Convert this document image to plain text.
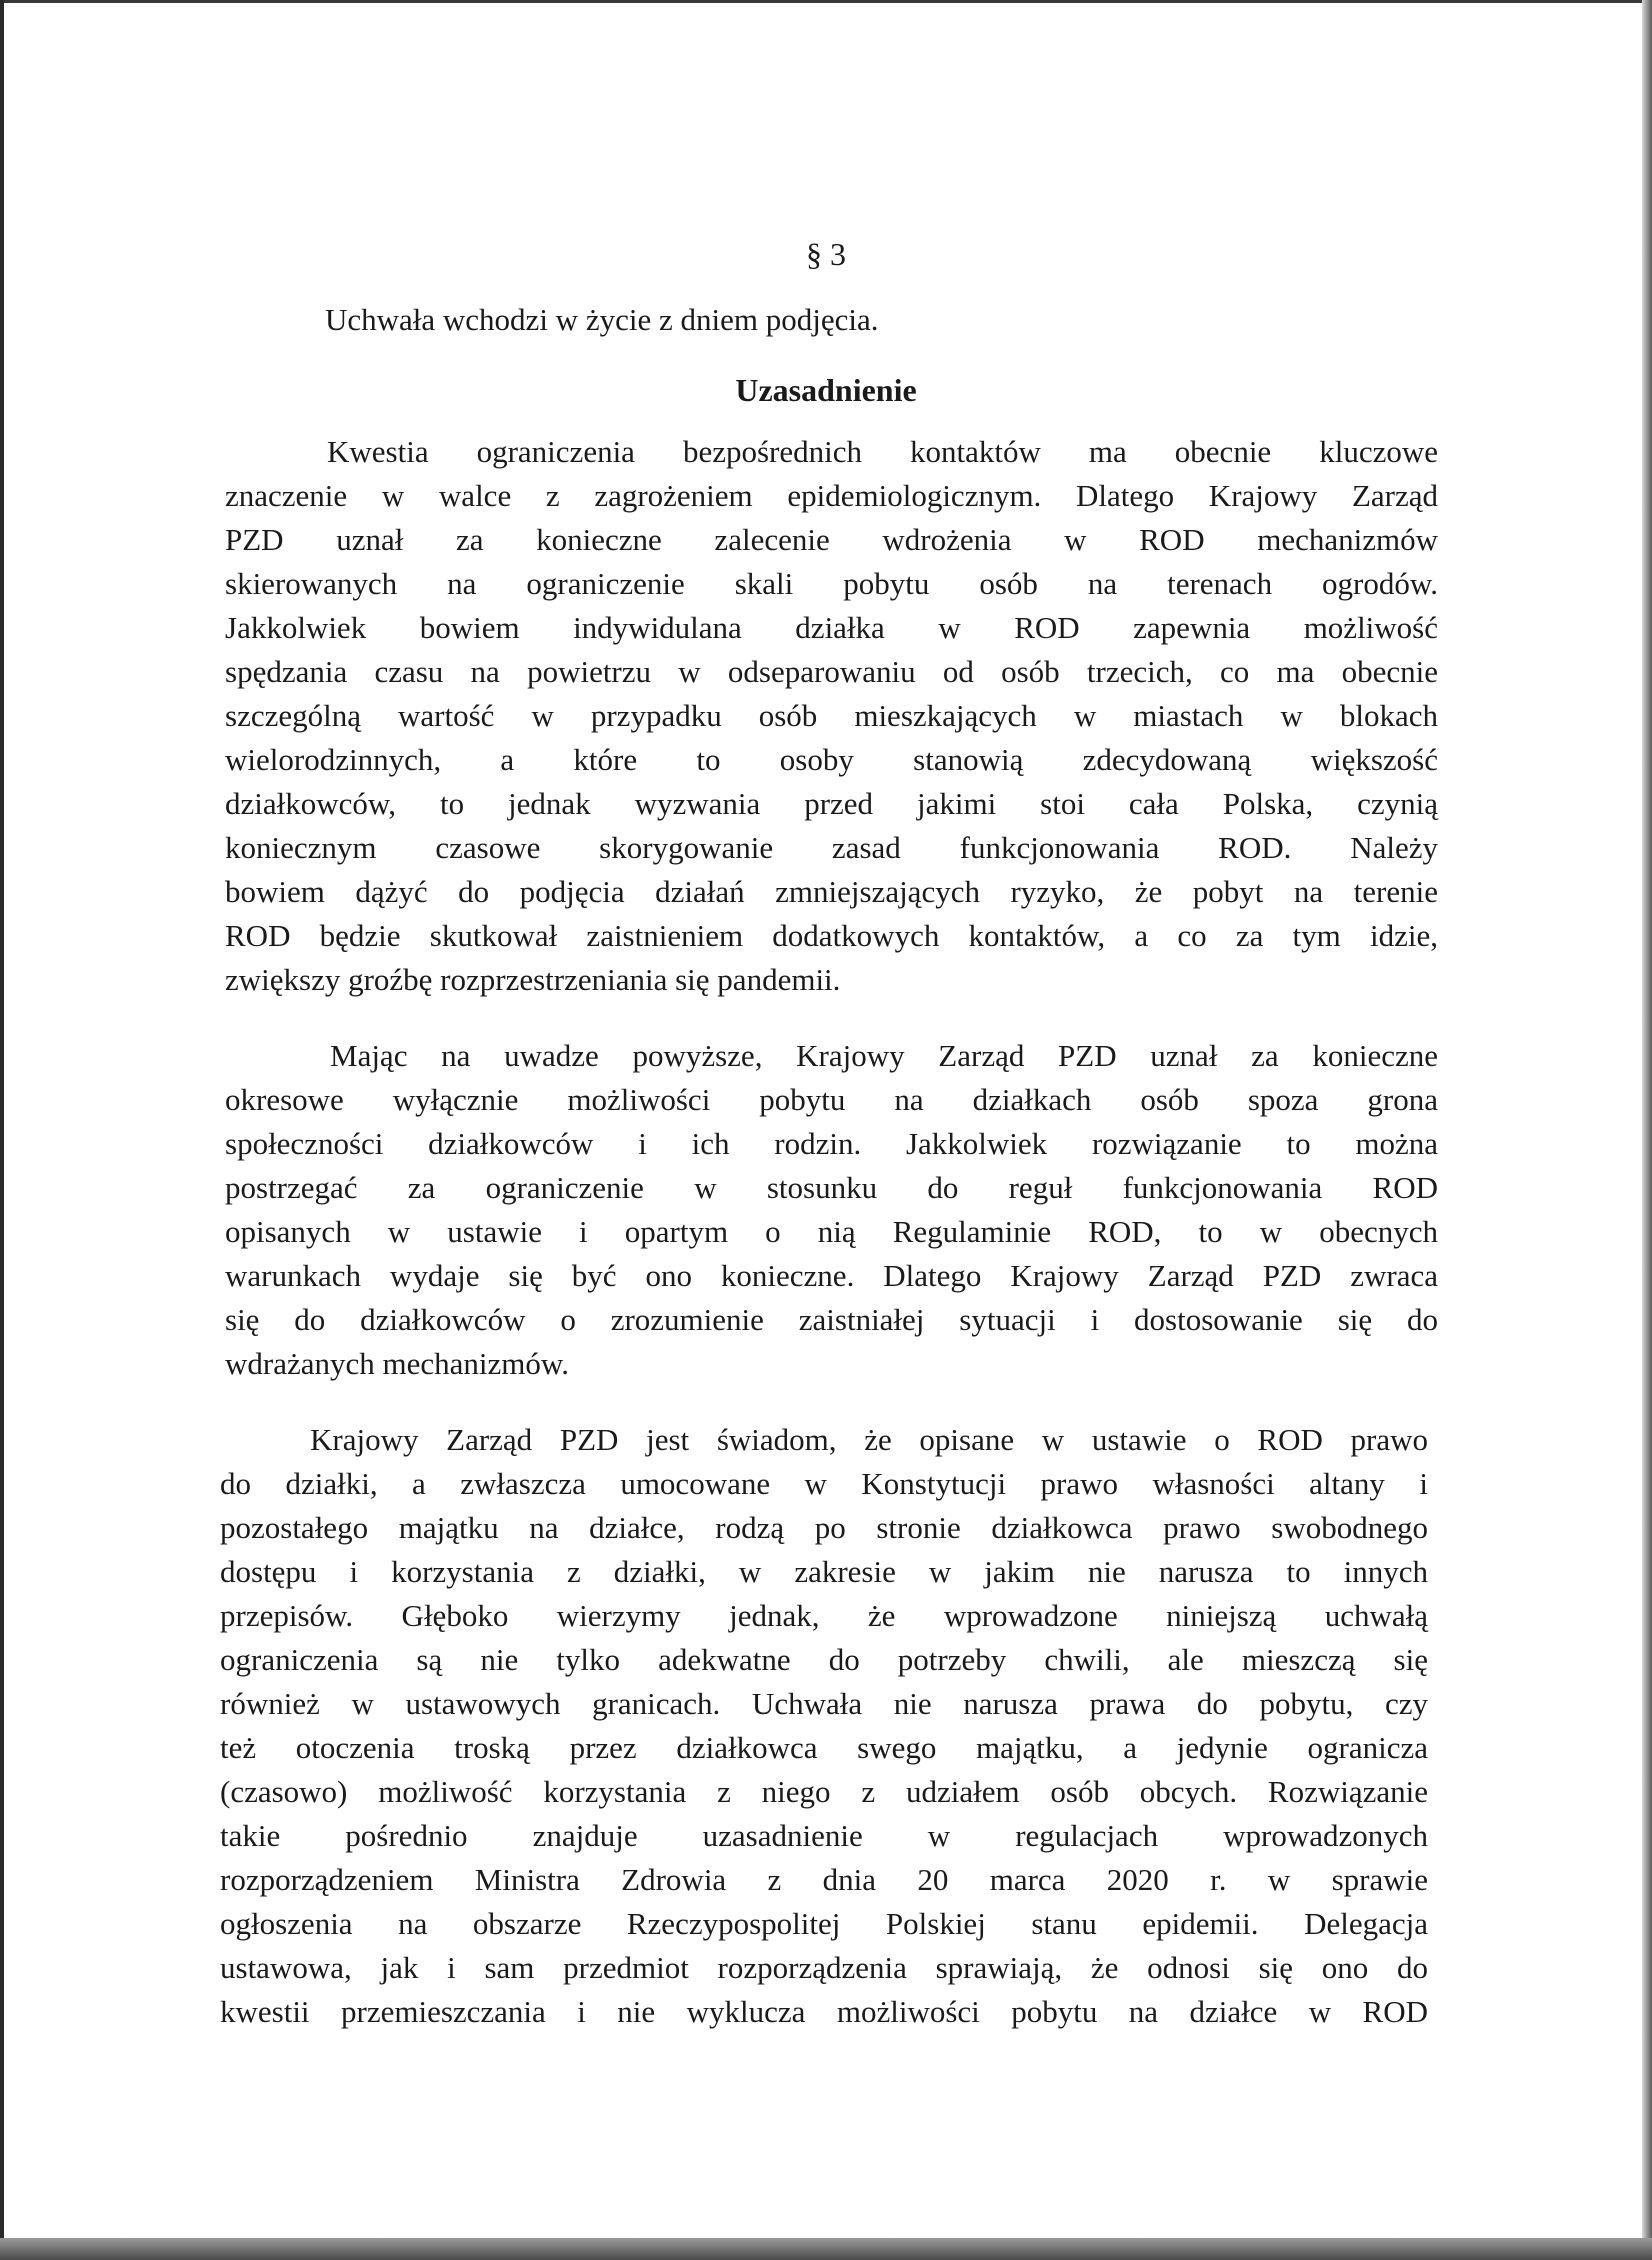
§ 3
Uchwała wchodzi w życie z dniem podjęcia.
Uzasadnienie
Kwestia ograniczenia bezpośrednich kontaktów ma obecnie kluczowe
znaczenie w walce z zagrożeniem epidemiologicznym. Dlatego Krajowy Zarząd
PZD uznał za konieczne zalecenie wdrożenia w ROD mechanizmów
skierowanych na ograniczenie skali pobytu osób na terenach ogrodów.
Jakkolwiek bowiem indywidulana działka w ROD zapewnia możliwość
spędzania czasu na powietrzu w odseparowaniu od osób trzecich, co ma obecnie
szczególną wartość w przypadku osób mieszkających w miastach w blokach
wielorodzinnych, a które to osoby stanowią zdecydowaną większość
działkowców, to jednak wyzwania przed jakimi stoi cała Polska, czynią
koniecznym czasowe skorygowanie zasad funkcjonowania ROD. Należy
bowiem dążyć do podjęcia działań zmniejszających ryzyko, że pobyt na terenie
ROD będzie skutkował zaistnieniem dodatkowych kontaktów, a co za tym idzie,
zwiększy groźbę rozprzestrzeniania się pandemii.
Mając na uwadze powyższe, Krajowy Zarząd PZD uznał za konieczne
okresowe wyłącznie możliwości pobytu na działkach osób spoza grona
społeczności działkowców i ich rodzin. Jakkolwiek rozwiązanie to można
postrzegać za ograniczenie w stosunku do reguł funkcjonowania ROD
opisanych w ustawie i opartym o nią Regulaminie ROD, to w obecnych
warunkach wydaje się być ono konieczne. Dlatego Krajowy Zarząd PZD zwraca
się do działkowców o zrozumienie zaistniałej sytuacji i dostosowanie się do
wdrażanych mechanizmów.
Krajowy Zarząd PZD jest świadom, że opisane w ustawie o ROD prawo
do działki, a zwłaszcza umocowane w Konstytucji prawo własności altany i
pozostałego majątku na działce, rodzą po stronie działkowca prawo swobodnego
dostępu i korzystania z działki, w zakresie w jakim nie narusza to innych
przepisów. Głęboko wierzymy jednak, że wprowadzone niniejszą uchwałą
ograniczenia są nie tylko adekwatne do potrzeby chwili, ale mieszczą się
również w ustawowych granicach. Uchwała nie narusza prawa do pobytu, czy
też otoczenia troską przez działkowca swego majątku, a jedynie ogranicza
(czasowo) możliwość korzystania z niego z udziałem osób obcych. Rozwiązanie
takie pośrednio znajduje uzasadnienie w regulacjach wprowadzonych
rozporządzeniem Ministra Zdrowia z dnia 20 marca 2020 r. w sprawie
ogłoszenia na obszarze Rzeczypospolitej Polskiej stanu epidemii. Delegacja
ustawowa, jak i sam przedmiot rozporządzenia sprawiają, że odnosi się ono do
kwestii przemieszczania i nie wyklucza możliwości pobytu na działce w ROD
